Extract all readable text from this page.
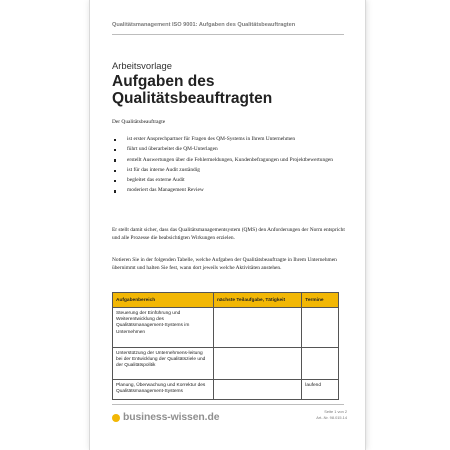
Qualitätsmanagement ISO 9001: Aufgaben des Qualitätsbeauftragten
Arbeitsvorlage
Aufgaben des
Qualitätsbeauftragten
Der Qualitätsbeauftragte
ist erster Ansprechpartner für Fragen des QM-Systems in Ihrem Unternehmen
führt und überarbeitet die QM-Unterlagen
erstellt Auswertungen über die Fehlermeldungen, Kundenbefragungen und Projektbewertungen
ist für das interne Audit zuständig
begleitet das externe Audit
moderiert das Management Review
Er stellt damit sicher, dass das Qualitätsmanagementsystem (QMS) den Anforderungen der Norm entspricht und alle Prozesse die beabsichtigten Wirkungen erzielen.
Notieren Sie in der folgenden Tabelle, welche Aufgaben der Qualitätsbeauftragte in Ihrem Unternehmen übernimmt und halten Sie fest, wann dort jeweils welche Aktivitäten anstehen.
Aufgabenbereich	nächste Teilaufgabe, Tätigkeit	Termine
Steuerung der Einführung und Weiterentwicklung des Qualitätsmanagement-Systems im Unternehmen		
Unterstützung der Unternehmens-leitung bei der Entwicklung der Qualitätsziele und der Qualitätspolitik		
Planung, Überwachung und Korrektur des Qualitätsmanagement-Systems		laufend
business-wissen.de
Seite 1 von 2
Art.-Nr. 98.015.14
